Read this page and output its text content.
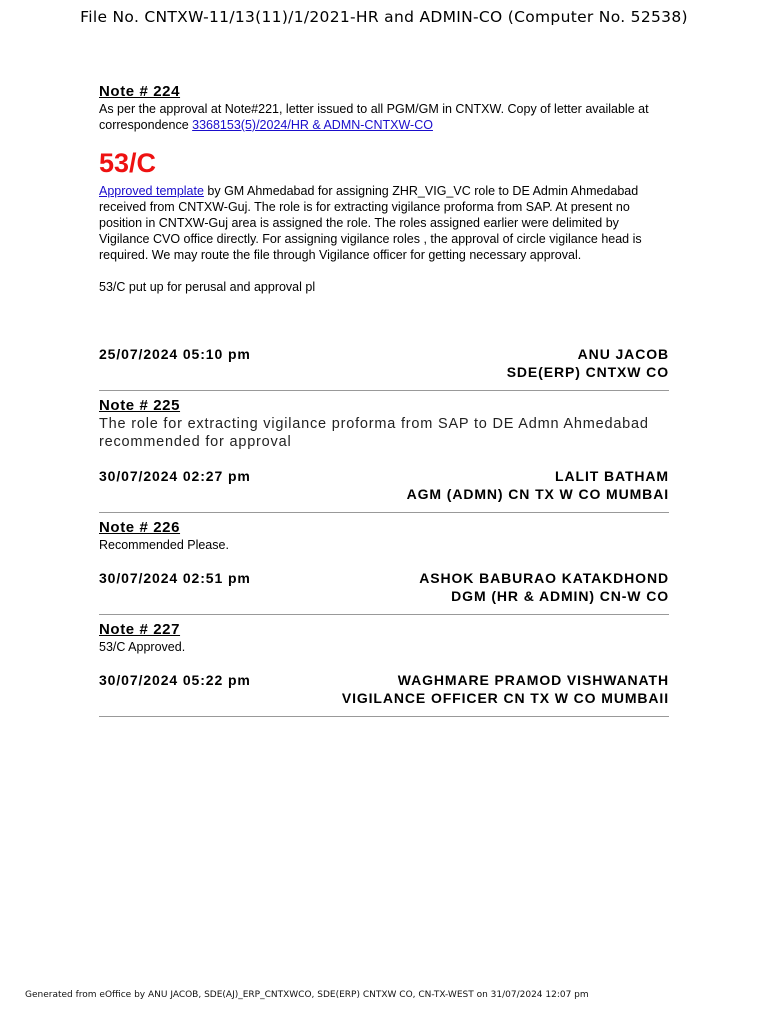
File No. CNTXW-11/13(11)/1/2021-HR and ADMIN-CO (Computer No. 52538)

Note # 224

As per the approval at Note#221, letter issued to all PGM/GM in CNTXW. Copy of letter available at correspondence 3368153(5)/2024/HR & ADMN-CNTXW-CO

53/C

Approved template by GM Ahmedabad for assigning ZHR_VIG_VC role to DE Admin Ahmedabad received from CNTXW-Guj. The role is for extracting vigilance proforma from SAP. At present no position in CNTXW-Guj area is assigned the role. The roles assigned earlier were delimited by Vigilance CVO office directly. For assigning vigilance roles , the approval of circle vigilance head is required. We may route the file through Vigilance officer for getting necessary approval.

53/C put up for perusal and approval pl

25/07/2024 05:10 pm	ANU JACOB
SDE(ERP) CNTXW CO

Note # 225

The role for extracting vigilance proforma from SAP to DE Admn Ahmedabad recommended for approval

30/07/2024 02:27 pm	LALIT BATHAM
AGM (ADMN) CN TX W CO MUMBAI

Note # 226

Recommended Please.

30/07/2024 02:51 pm	ASHOK BABURAO KATAKDHOND
DGM (HR & ADMIN) CN-W CO

Note # 227

53/C Approved.

30/07/2024 05:22 pm	WAGHMARE PRAMOD VISHWANATH
VIGILANCE OFFICER CN TX W CO MUMBAII
Generated from eOffice by ANU JACOB, SDE(AJ)_ERP_CNTXWCO, SDE(ERP) CNTXW CO, CN-TX-WEST on 31/07/2024 12:07 pm
